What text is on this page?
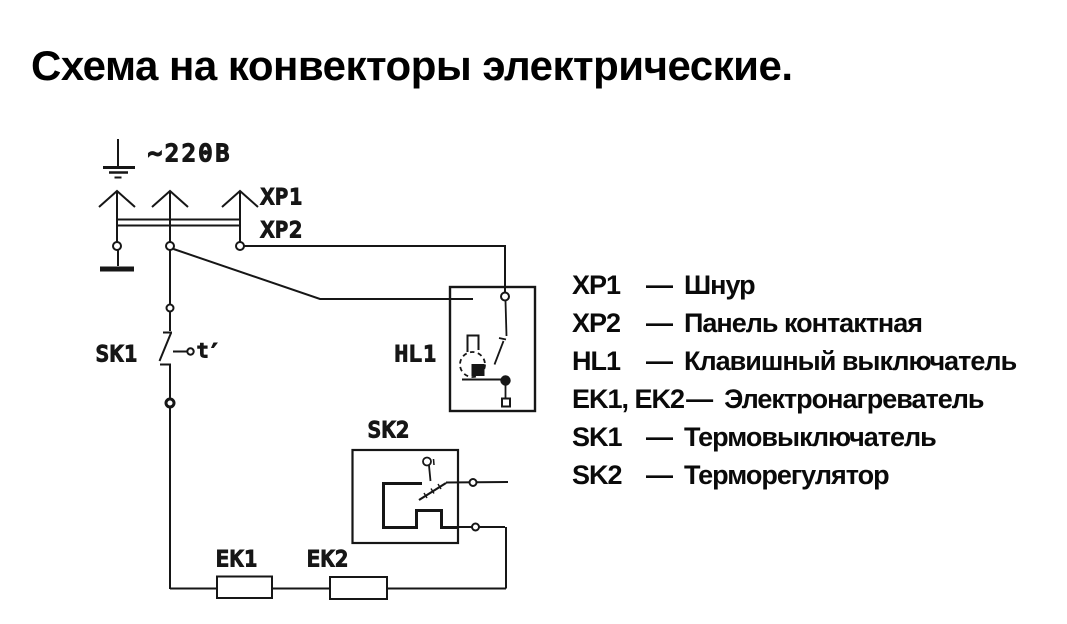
Схема на конвекторы электрические.
~220В
XP1
XP2
SK1	t′	HL1
SK2
EK1 EK2
XP1 — Шнур
XP2 — Панель контактная
HL1 — Клавишный выключатель
EK1, EK2 — Электронагреватель
SK1 — Термовыключатель
SK2 — Терморегулятор
